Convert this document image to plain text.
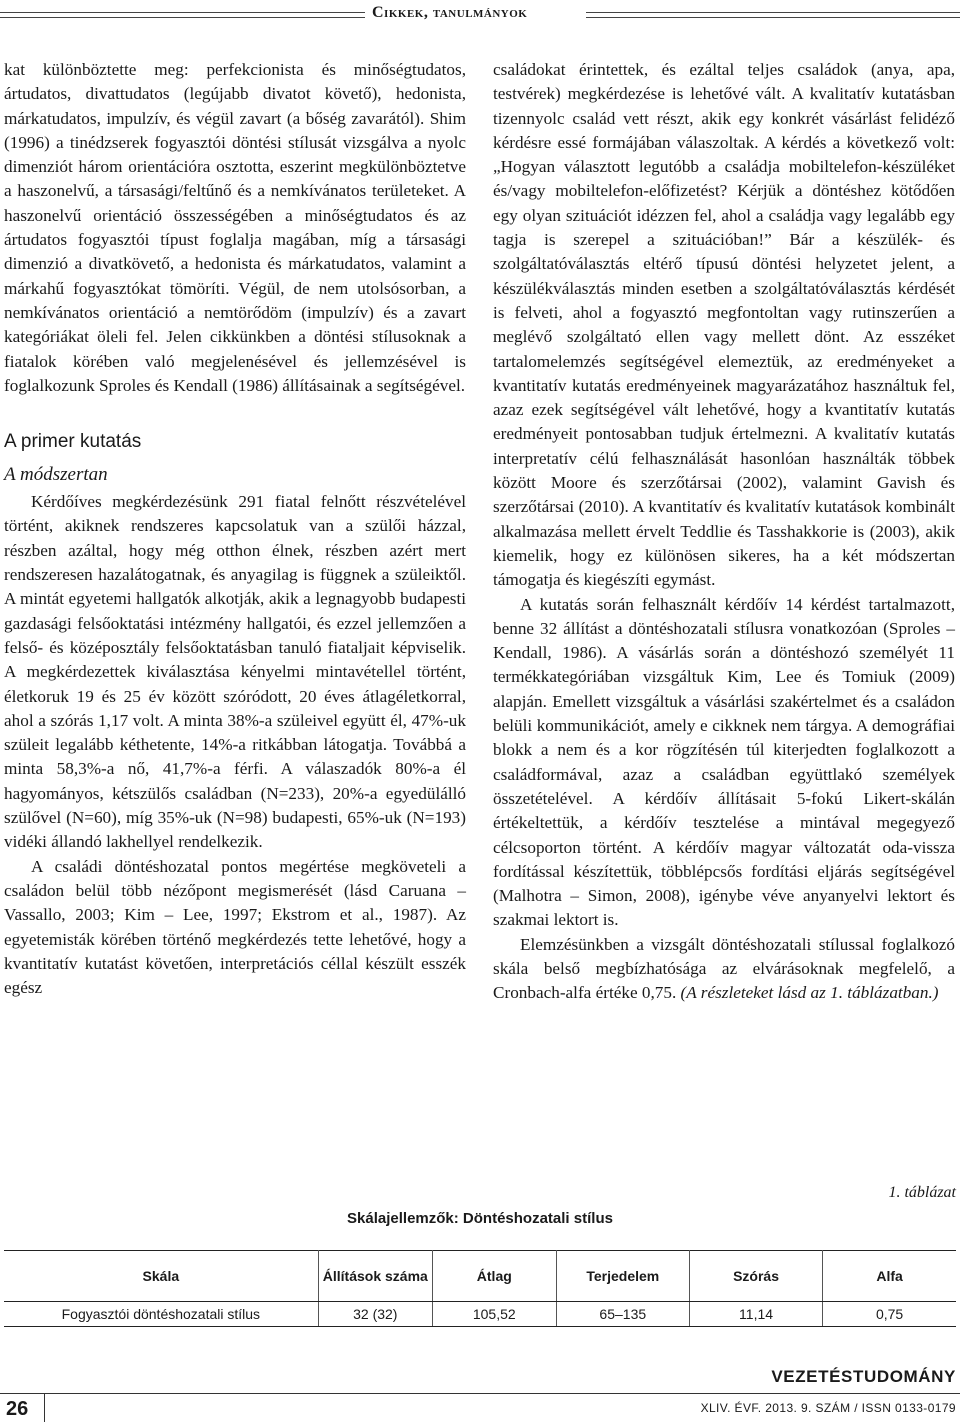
Cikkek, tanulmányok

kat különböztette meg: perfekcionista és minőségtudatos, ártudatos, divattudatos (legújabb divatot követő), hedonista, márkatudatos, impulzív, és végül zavart (a bőség zavarától). Shim (1996) a tinédzserek fogyasztói döntési stílusát vizsgálva a nyolc dimenziót három orientációra osztotta, eszerint megkülönböztetve a haszonelvű, a társasági/feltűnő és a nemkívánatos területeket. A haszonelvű orientáció összességében a minőségtudatos és az ártudatos fogyasztói típust foglalja magában, míg a társasági dimenzió a divatkövető, a hedonista és márkatudatos, valamint a márkahű fogyasztókat tömöríti. Végül, de nem utolsósorban, a nemkívánatos orientáció a nemtörődöm (impulzív) és a zavart kategóriákat öleli fel. Jelen cikkünkben a döntési stílusoknak a fiatalok körében való megjelenésével és jellemzésével is foglalkozunk Sproles és Kendall (1986) állításainak a segítségével.

A primer kutatás
A módszertan

Kérdőíves megkérdezésünk 291 fiatal felnőtt részvételével történt, akiknek rendszeres kapcsolatuk van a szülői házzal, részben azáltal, hogy még otthon élnek, részben azért mert rendszeresen hazalátogatnak, és anyagilag is függnek a szüleiktől. A mintát egyetemi hallgatók alkotják, akik a legnagyobb budapesti gazdasági felsőoktatási intézmény hallgatói, és ezzel jellemzően a felső- és középosztály felsőoktatásban tanuló fiataljait képviselik. A megkérdezettek kiválasztása kényelmi mintavétellel történt, életkoruk 19 és 25 év között szóródott, 20 éves átlagéletkorral, ahol a szórás 1,17 volt. A minta 38%-a szüleivel együtt él, 47%-uk szüleit legalább kéthetente, 14%-a ritkábban látogatja. Továbbá a minta 58,3%-a nő, 41,7%-a férfi. A válaszadók 80%-a él hagyományos, kétszülős családban (N=233), 20%-a egyedülálló szülővel (N=60), míg 35%-uk (N=98) budapesti, 65%-uk (N=193) vidéki állandó lakhellyel rendelkezik.

A családi döntéshozatal pontos megértése megköveteli a családon belül több nézőpont megismerését (lásd Caruana – Vassallo, 2003; Kim – Lee, 1997; Ekstrom et al., 1987). Az egyetemisták körében történő megkérdezés tette lehetővé, hogy a kvantitatív kutatást követően, interpretációs céllal készült esszék egész

családokat érintettek, és ezáltal teljes családok (anya, apa, testvérek) megkérdezése is lehetővé vált. A kvalitatív kutatásban tizennyolc család vett részt, akik egy konkrét vásárlást felidéző kérdésre essé formájában válaszoltak. A kérdés a következő volt: „Hogyan választott legutóbb a családja mobiltelefon-készüléket és/vagy mobiltelefon-előfizetést? Kérjük a döntéshez kötődően egy olyan szituációt idézzen fel, ahol a családja vagy legalább egy tagja is szerepel a szituációban!” Bár a készülék- és szolgáltatóválasztás eltérő típusú döntési helyzetet jelent, a készülékválasztás minden esetben a szolgáltatóválasztás kérdését is felveti, ahol a fogyasztó megfontoltan vagy rutinszerűen a meglévő szolgáltató ellen vagy mellett dönt. Az esszéket tartalomelemzés segítségével elemeztük, az eredményeket a kvantitatív kutatás eredményeinek magyarázatához használtuk fel, azaz ezek segítségével vált lehetővé, hogy a kvantitatív kutatás eredményeit pontosabban tudjuk értelmezni. A kvalitatív kutatás interpretatív célú felhasználását hasonlóan használták többek között Moore és szerzőtársai (2002), valamint Gavish és szerzőtársai (2010). A kvantitatív és kvalitatív kutatások kombinált alkalmazása mellett érvelt Teddlie és Tasshakkorie is (2003), akik kiemelik, hogy ez különösen sikeres, ha a két módszertan támogatja és kiegészíti egymást.

A kutatás során felhasznált kérdőív 14 kérdést tartalmazott, benne 32 állítást a döntéshozatali stílusra vonatkozóan (Sproles – Kendall, 1986). A vásárlás során a döntéshozó személyét 11 termékkategóriában vizsgáltuk Kim, Lee és Tomiuk (2009) alapján. Emellett vizsgáltuk a vásárlási szakértelmet és a családon belüli kommunikációt, amely e cikknek nem tárgya. A demográfiai blokk a nem és a kor rögzítésén túl kiterjedten foglalkozott a családformával, azaz a családban együttlakó személyek összetételével. A kérdőív állításait 5-fokú Likert-skálán értékeltettük, a kérdőív tesztelése a mintával megegyező célcsoporton történt. A kérdőív magyar változatát oda-vissza fordítással készítettük, többlépcsős fordítási eljárás segítségével (Malhotra – Simon, 2008), igénybe véve anyanyelvi lektort és szakmai lektort is.

Elemzésünkben a vizsgált döntéshozatali stílussal foglalkozó skála belső megbízhatósága az elvárásoknak megfelelő, a Cronbach-alfa értéke 0,75. (A részleteket lásd az 1. táblázatban.)

1. táblázat
Skálajellemzők: Döntéshozatali stílus
Skála	Állítások száma	Átlag	Terjedelem	Szórás	Alfa
Fogyasztói döntéshozatali stílus	32 (32)	105,52	65–135	11,14	0,75
VEZETÉSTUDOMÁNY
26	XLIV. ÉVF. 2013. 9. SZÁM / ISSN 0133-0179
